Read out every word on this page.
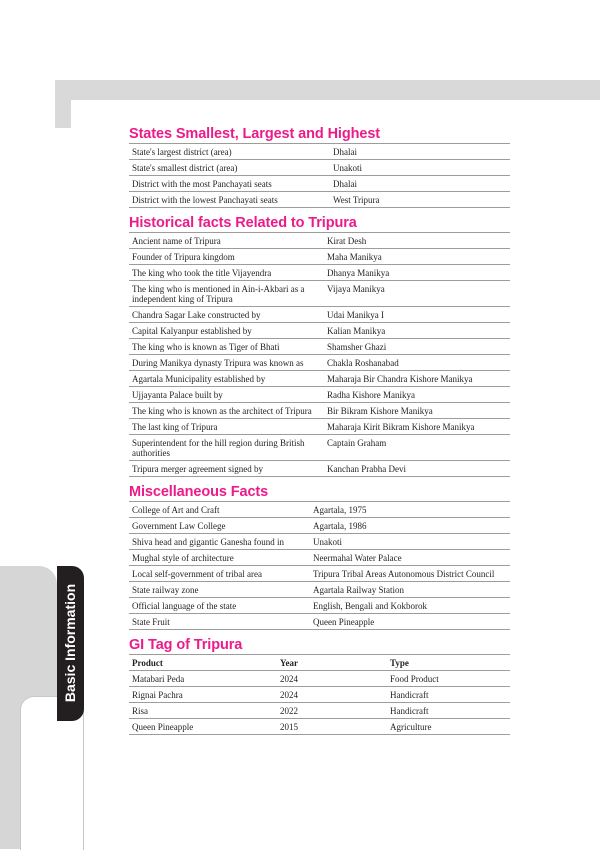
Basic Information
States Smallest, Largest and Highest
State's largest district (area)	Dhalai
State's smallest district (area)	Unakoti
District with the most Panchayati seats	Dhalai
District with the lowest Panchayati seats	West Tripura
Historical facts Related to Tripura
Ancient name of Tripura	Kirat Desh
Founder of Tripura kingdom	Maha Manikya
The king who took the title Vijayendra	Dhanya Manikya
The king who is mentioned in Ain-i-Akbari as a independent king of Tripura	Vijaya Manikya
Chandra Sagar Lake constructed by	Udai Manikya I
Capital Kalyanpur established by	Kalian Manikya
The king who is known as Tiger of Bhati	Shamsher Ghazi
During Manikya dynasty Tripura was known as	Chakla Roshanabad
Agartala Municipality established by	Maharaja Bir Chandra Kishore Manikya
Ujjayanta Palace built by	Radha Kishore Manikya
The king who is known as the architect of Tripura	Bir Bikram Kishore Manikya
The last king of Tripura	Maharaja Kirit Bikram Kishore Manikya
Superintendent for the hill region during British authorities	Captain Graham
Tripura merger agreement signed by	Kanchan Prabha Devi
Miscellaneous Facts
College of Art and Craft	Agartala, 1975
Government Law College	Agartala, 1986
Shiva head and gigantic Ganesha found in	Unakoti
Mughal style of architecture	Neermahal Water Palace
Local self-government of tribal area	Tripura Tribal Areas Autonomous District Council
State railway zone	Agartala Railway Station
Official language of the state	English, Bengali and Kokborok
State Fruit	Queen Pineapple
GI Tag of Tripura
Product	Year	Type
Matabari Peda	2024	Food Product
Rignai Pachra	2024	Handicraft
Risa	2022	Handicraft
Queen Pineapple	2015	Agriculture
